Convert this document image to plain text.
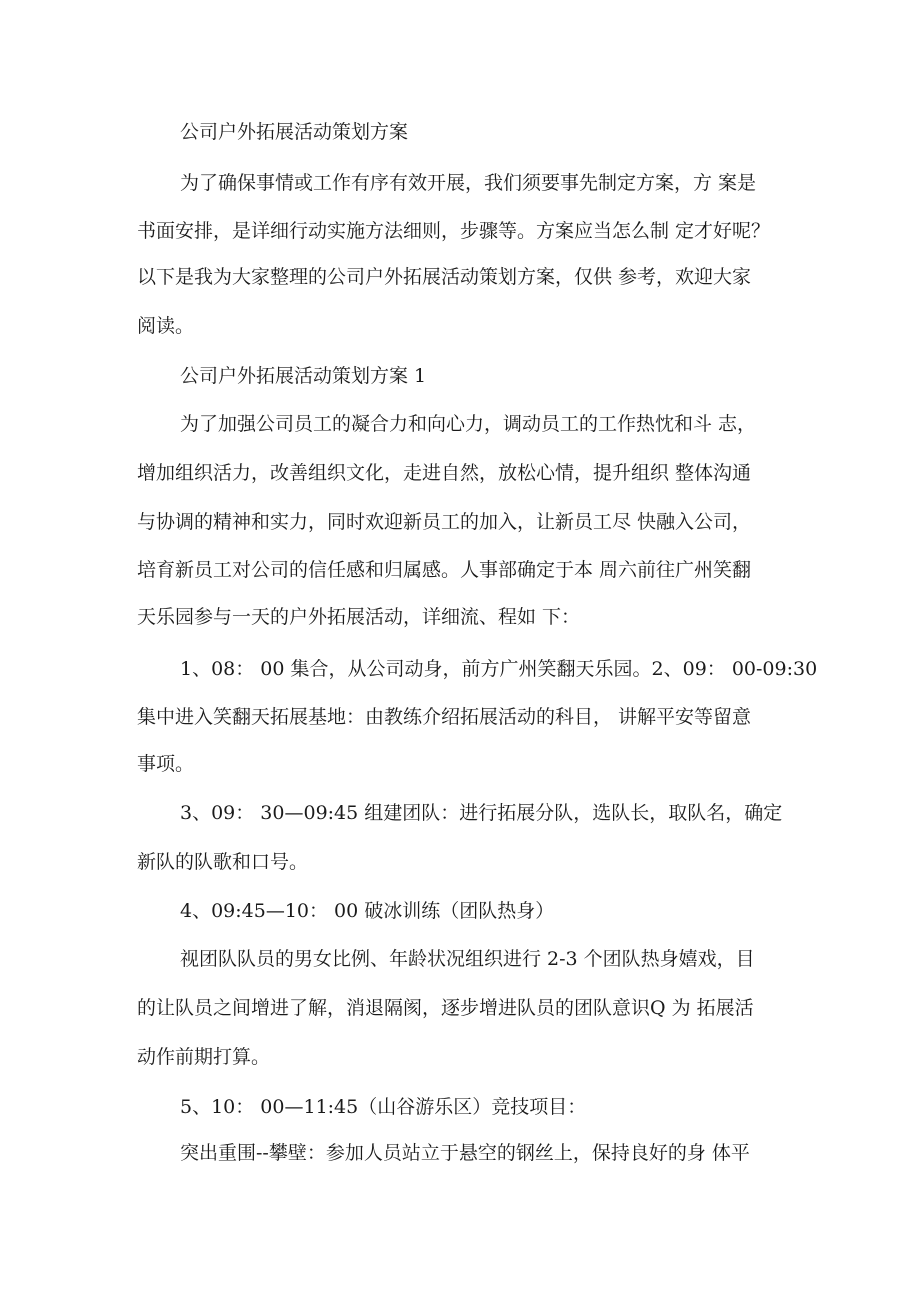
公司户外拓展活动策划方案
为了确保事情或工作有序有效开展，我们须要事先制定方案，方 案是
书面安排，是详细行动实施方法细则，步骤等。方案应当怎么制 定才好呢？
以下是我为大家整理的公司户外拓展活动策划方案，仅供 参考，欢迎大家
阅读。
公司户外拓展活动策划方案 1
为了加强公司员工的凝合力和向心力，调动员工的工作热忱和斗 志，
增加组织活力，改善组织文化，走进自然，放松心情，提升组织 整体沟通
与协调的精神和实力，同时欢迎新员工的加入，让新员工尽 快融入公司，
培育新员工对公司的信任感和归属感。人事部确定于本 周六前往广州笑翻
天乐园参与一天的户外拓展活动，详细流、程如 下：
1、08： 00 集合，从公司动身，前方广州笑翻天乐园。2、09： 00-09:30
集中进入笑翻天拓展基地：由教练介绍拓展活动的科目， 讲解平安等留意
事项。
3、09： 30—09:45 组建团队：进行拓展分队，选队长，取队名，确定
新队的队歌和口号。
4、09:45—10： 00 破冰训练（团队热身）
视团队队员的男女比例、年龄状况组织进行 2-3 个团队热身嬉戏，目
的让队员之间增进了解，消退隔阂，逐步增进队员的团队意识Q 为 拓展活
动作前期打算。
5、10： 00—11:45（山谷游乐区）竞技项目：
突出重围--攀壁：参加人员站立于悬空的钢丝上，保持良好的身 体平
